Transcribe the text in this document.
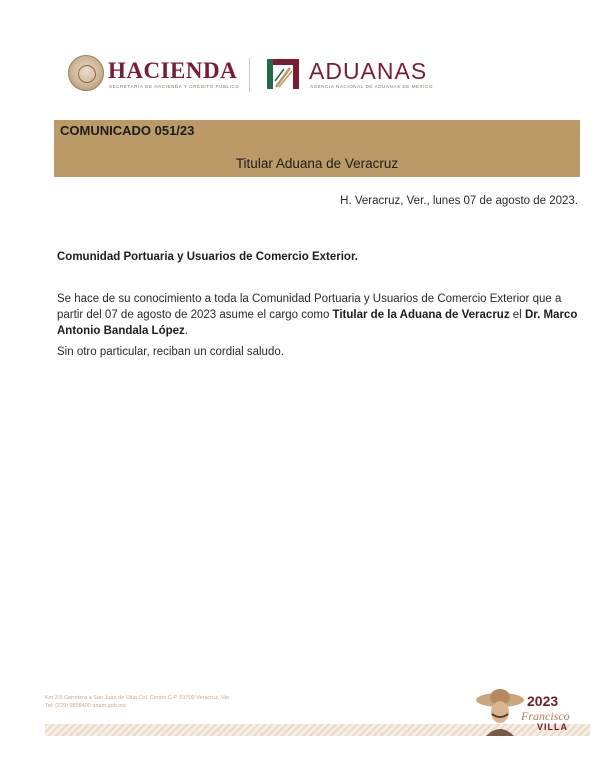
HACIENDA
SECRETARÍA DE HACIENDA Y CRÉDITO PÚBLICO
ADUANAS
AGENCIA NACIONAL DE ADUANAS DE MÉXICO
COMUNICADO 051/23
Titular Aduana de Veracruz
H. Veracruz, Ver., lunes 07 de agosto de 2023.
Comunidad Portuaria y Usuarios de Comercio Exterior.
Se hace de su conocimiento a toda la Comunidad Portuaria y Usuarios de Comercio Exterior que a partir del 07 de agosto de 2023 asume el cargo como Titular de la Aduana de Veracruz el Dr. Marco Antonio Bandala López.
Sin otro particular, reciban un cordial saludo.
Km 3.5 Carretera a San Juan de Ulúa Col. Centro C.P. 91700 Veracruz, Ver.
Tel: (229) 9898400 anam.gob.mx	2023
Francisco
VILLA
